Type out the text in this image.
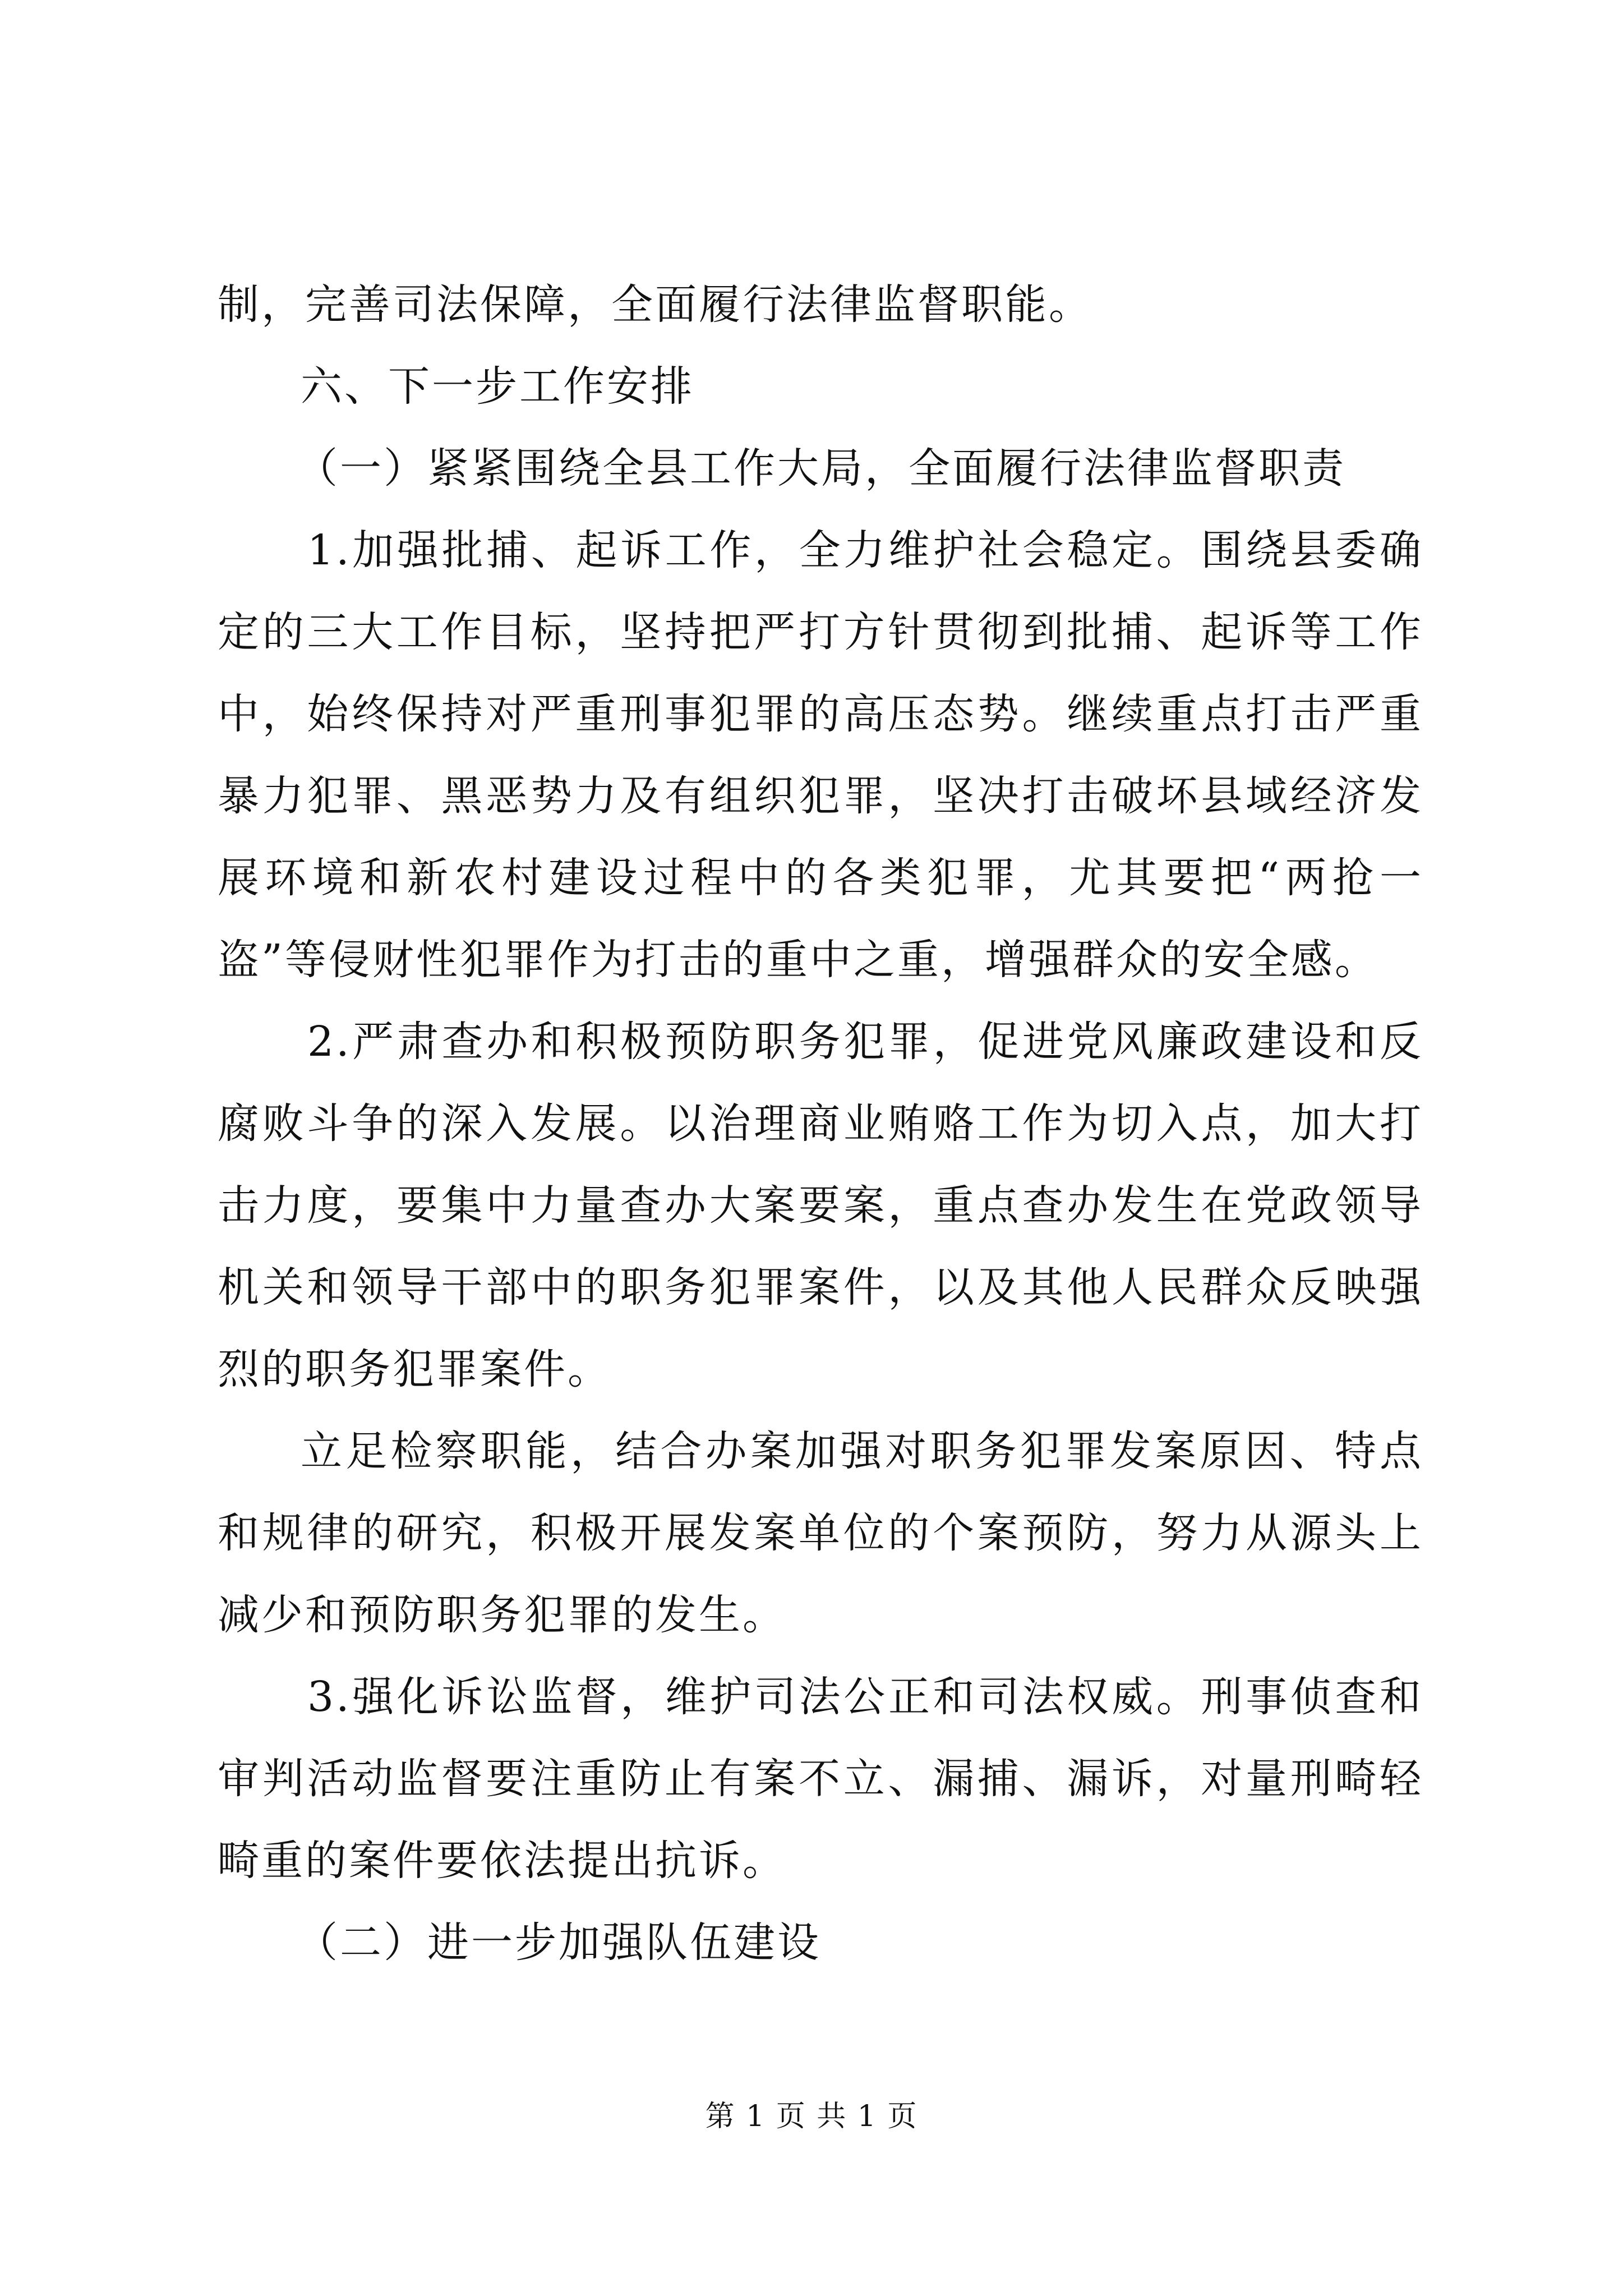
制，完善司法保障，全面履行法律监督职能。

六、下一步工作安排

（一）紧紧围绕全县工作大局，全面履行法律监督职责

1.加强批捕、起诉工作，全力维护社会稳定。围绕县委确定的三大工作目标，坚持把严打方针贯彻到批捕、起诉等工作中，始终保持对严重刑事犯罪的高压态势。继续重点打击严重暴力犯罪、黑恶势力及有组织犯罪，坚决打击破坏县域经济发展环境和新农村建设过程中的各类犯罪，尤其要把“两抢一盗”等侵财性犯罪作为打击的重中之重，增强群众的安全感。

2.严肃查办和积极预防职务犯罪，促进党风廉政建设和反腐败斗争的深入发展。以治理商业贿赂工作为切入点，加大打击力度，要集中力量查办大案要案，重点查办发生在党政领导机关和领导干部中的职务犯罪案件，以及其他人民群众反映强烈的职务犯罪案件。

立足检察职能，结合办案加强对职务犯罪发案原因、特点和规律的研究，积极开展发案单位的个案预防，努力从源头上减少和预防职务犯罪的发生。

3.强化诉讼监督，维护司法公正和司法权威。刑事侦查和审判活动监督要注重防止有案不立、漏捕、漏诉，对量刑畸轻畸重的案件要依法提出抗诉。

（二）进一步加强队伍建设

第 1 页 共 1 页
